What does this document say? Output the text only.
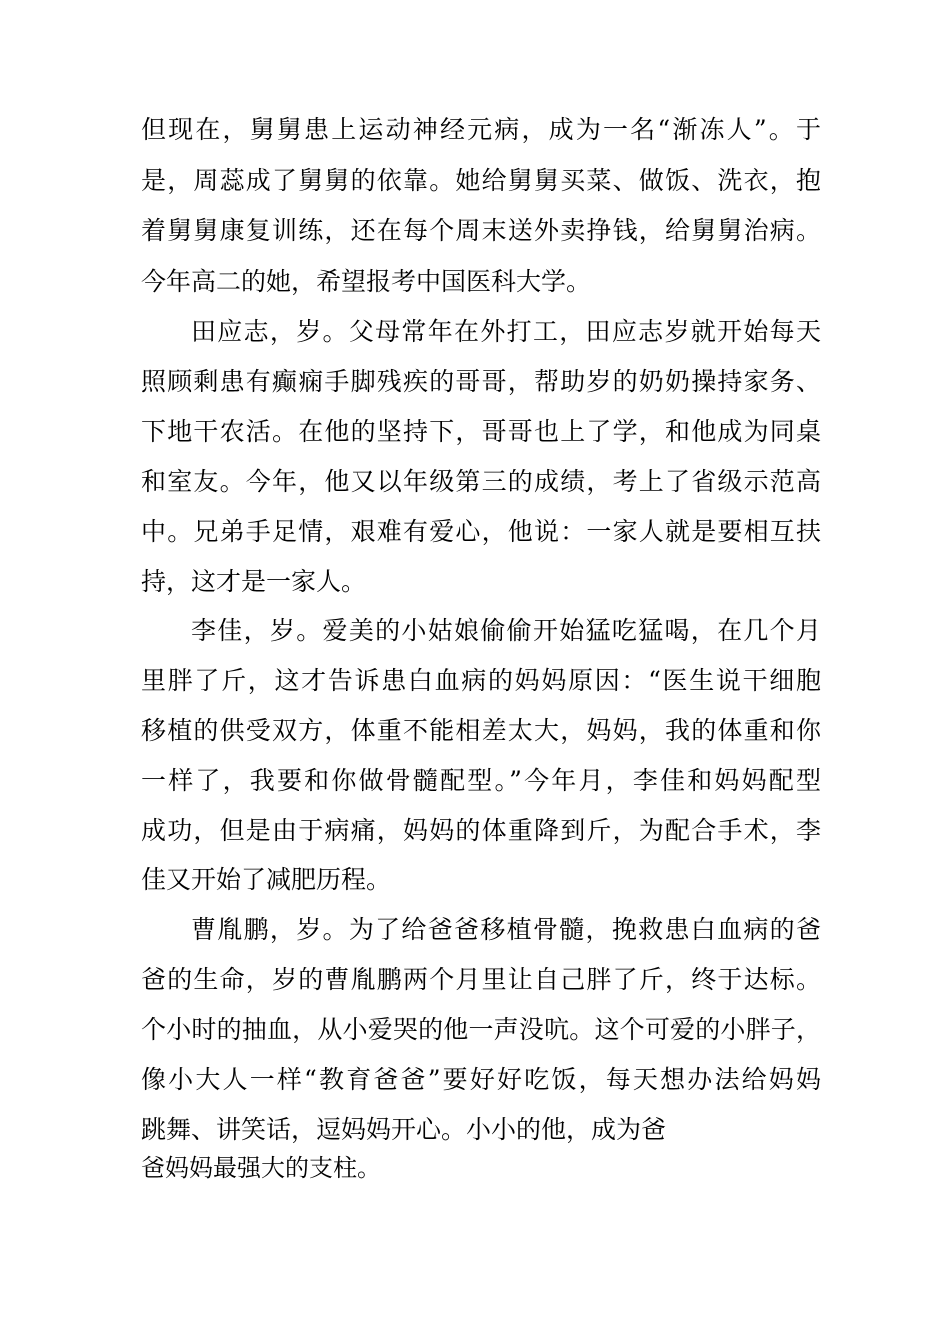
但现在，舅舅患上运动神经元病，成为一名“渐冻人”。于
是，周蕊成了舅舅的依靠。她给舅舅买菜、做饭、洗衣，抱
着舅舅康复训练，还在每个周末送外卖挣钱，给舅舅治病。
今年高二的她，希望报考中国医科大学。
田应志，岁。父母常年在外打工，田应志岁就开始每天
照顾剩患有癫痫手脚残疾的哥哥，帮助岁的奶奶操持家务、
下地干农活。在他的坚持下，哥哥也上了学，和他成为同桌
和室友。今年，他又以年级第三的成绩，考上了省级示范高
中。兄弟手足情，艰难有爱心，他说：一家人就是要相互扶
持，这才是一家人。
李佳，岁。爱美的小姑娘偷偷开始猛吃猛喝，在几个月
里胖了斤，这才告诉患白血病的妈妈原因：“医生说干细胞
移植的供受双方，体重不能相差太大，妈妈，我的体重和你
一样了，我要和你做骨髓配型。”今年月，李佳和妈妈配型
成功，但是由于病痛，妈妈的体重降到斤，为配合手术，李
佳又开始了减肥历程。
曹胤鹏，岁。为了给爸爸移植骨髓，挽救患白血病的爸
爸的生命，岁的曹胤鹏两个月里让自己胖了斤，终于达标。
个小时的抽血，从小爱哭的他一声没吭。这个可爱的小胖子，
像小大人一样“教育爸爸”要好好吃饭，每天想办法给妈妈
跳舞、讲笑话，逗妈妈开心。小小的他，成为爸
爸妈妈最强大的支柱。
